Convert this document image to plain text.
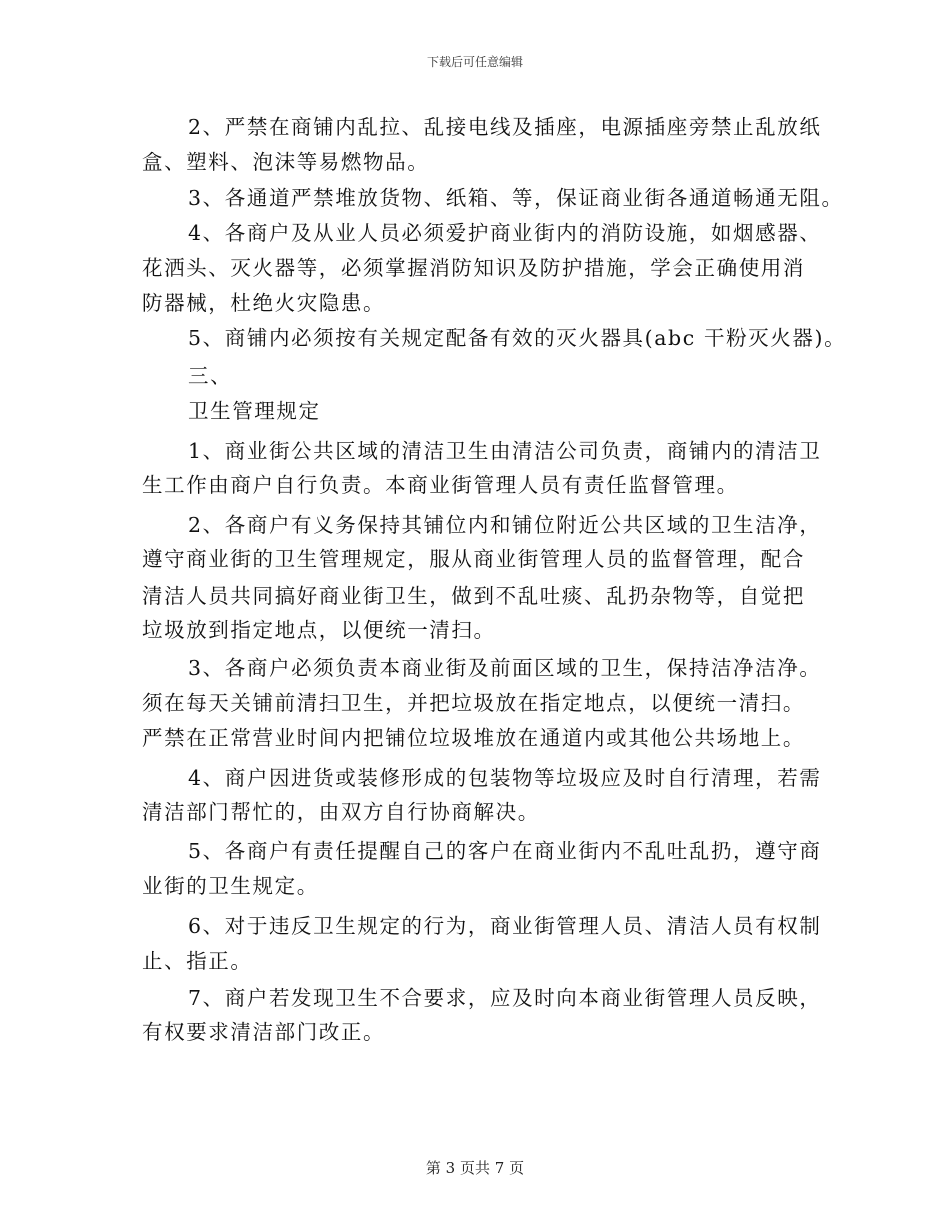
下载后可任意编辑
2、严禁在商铺内乱拉、乱接电线及插座，电源插座旁禁止乱放纸
盒、塑料、泡沫等易燃物品。
3、各通道严禁堆放货物、纸箱、等，保证商业街各通道畅通无阻。
4、各商户及从业人员必须爱护商业街内的消防设施，如烟感器、
花洒头、灭火器等，必须掌握消防知识及防护措施，学会正确使用消
防器械，杜绝火灾隐患。
5、商铺内必须按有关规定配备有效的灭火器具(abc 干粉灭火器)。
三、
卫生管理规定
1、商业街公共区域的清洁卫生由清洁公司负责，商铺内的清洁卫
生工作由商户自行负责。本商业街管理人员有责任监督管理。
2、各商户有义务保持其铺位内和铺位附近公共区域的卫生洁净，
遵守商业街的卫生管理规定，服从商业街管理人员的监督管理，配合
清洁人员共同搞好商业街卫生，做到不乱吐痰、乱扔杂物等，自觉把
垃圾放到指定地点，以便统一清扫。
3、各商户必须负责本商业街及前面区域的卫生，保持洁净洁净。
须在每天关铺前清扫卫生，并把垃圾放在指定地点，以便统一清扫。
严禁在正常营业时间内把铺位垃圾堆放在通道内或其他公共场地上。
4、商户因进货或装修形成的包装物等垃圾应及时自行清理，若需
清洁部门帮忙的，由双方自行协商解决。
5、各商户有责任提醒自己的客户在商业街内不乱吐乱扔，遵守商
业街的卫生规定。
6、对于违反卫生规定的行为，商业街管理人员、清洁人员有权制
止、指正。
7、商户若发现卫生不合要求，应及时向本商业街管理人员反映，
有权要求清洁部门改正。
第 3 页共 7 页
